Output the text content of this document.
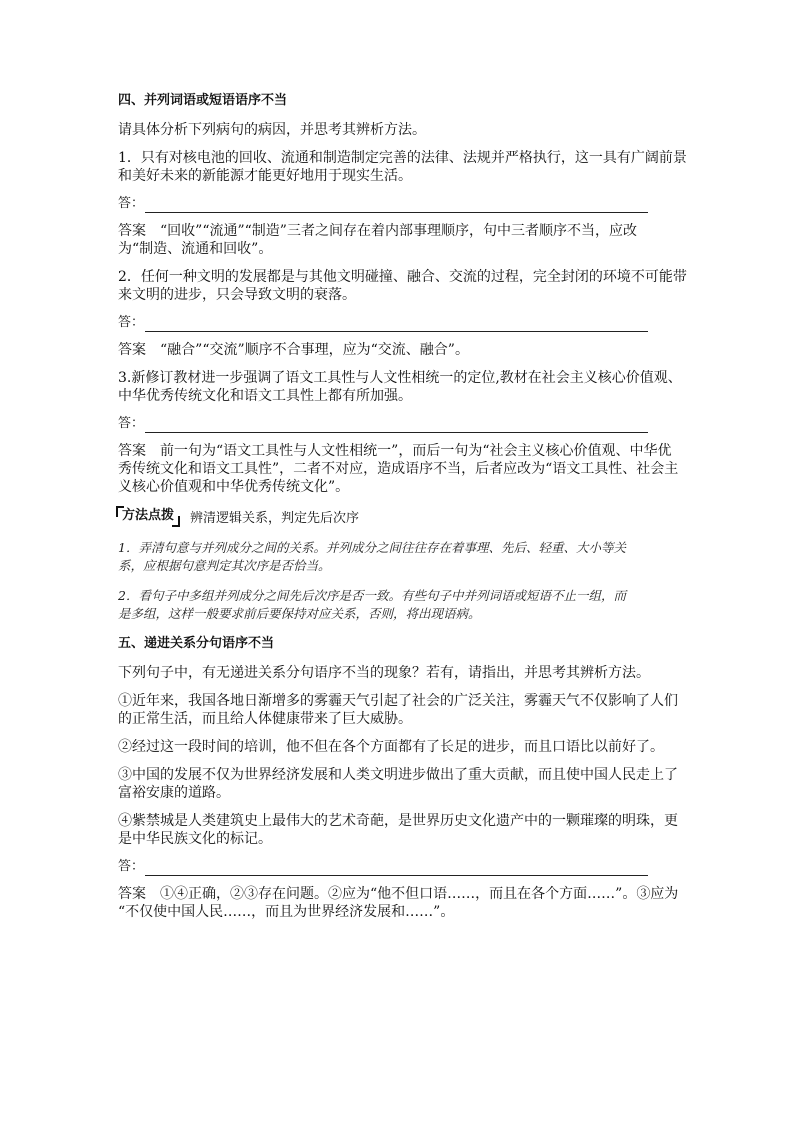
四、并列词语或短语语序不当

请具体分析下列病句的病因，并思考其辨析方法。

1．只有对核电池的回收、流通和制造制定完善的法律、法规并严格执行，这一具有广阔前景

和美好未来的新能源才能更好地用于现实生活。

答：

答案　“回收”“流通”“制造”三者之间存在着内部事理顺序，句中三者顺序不当，应改

为“制造、流通和回收”。

2．任何一种文明的发展都是与其他文明碰撞、融合、交流的过程，完全封闭的环境不可能带

来文明的进步，只会导致文明的衰落。

答：

答案　“融合”“交流”顺序不合事理，应为“交流、融合”。

3.新修订教材进一步强调了语文工具性与人文性相统一的定位,教材在社会主义核心价值观、

中华优秀传统文化和语文工具性上都有所加强。

答：

答案　前一句为“语文工具性与人文性相统一”，而后一句为“社会主义核心价值观、中华优

秀传统文化和语文工具性”，二者不对应，造成语序不当，后者应改为“语文工具性、社会主

义核心价值观和中华优秀传统文化”。

方法点拨	辨清逻辑关系，判定先后次序

1．弄清句意与并列成分之间的关系。并列成分之间往往存在着事理、先后、轻重、大小等关

系，应根据句意判定其次序是否恰当。

2．看句子中多组并列成分之间先后次序是否一致。有些句子中并列词语或短语不止一组，而

是多组，这样一般要求前后要保持对应关系，否则，将出现语病。

五、递进关系分句语序不当

下列句子中，有无递进关系分句语序不当的现象？若有，请指出，并思考其辨析方法。

①近年来，我国各地日渐增多的雾霾天气引起了社会的广泛关注，雾霾天气不仅影响了人们

的正常生活，而且给人体健康带来了巨大威胁。

②经过这一段时间的培训，他不但在各个方面都有了长足的进步，而且口语比以前好了。

③中国的发展不仅为世界经济发展和人类文明进步做出了重大贡献，而且使中国人民走上了

富裕安康的道路。

④紫禁城是人类建筑史上最伟大的艺术奇葩，是世界历史文化遗产中的一颗璀璨的明珠，更

是中华民族文化的标记。

答：

答案　①④正确，②③存在问题。②应为“他不但口语……，而且在各个方面……”。③应为

“不仅使中国人民……，而且为世界经济发展和……”。
